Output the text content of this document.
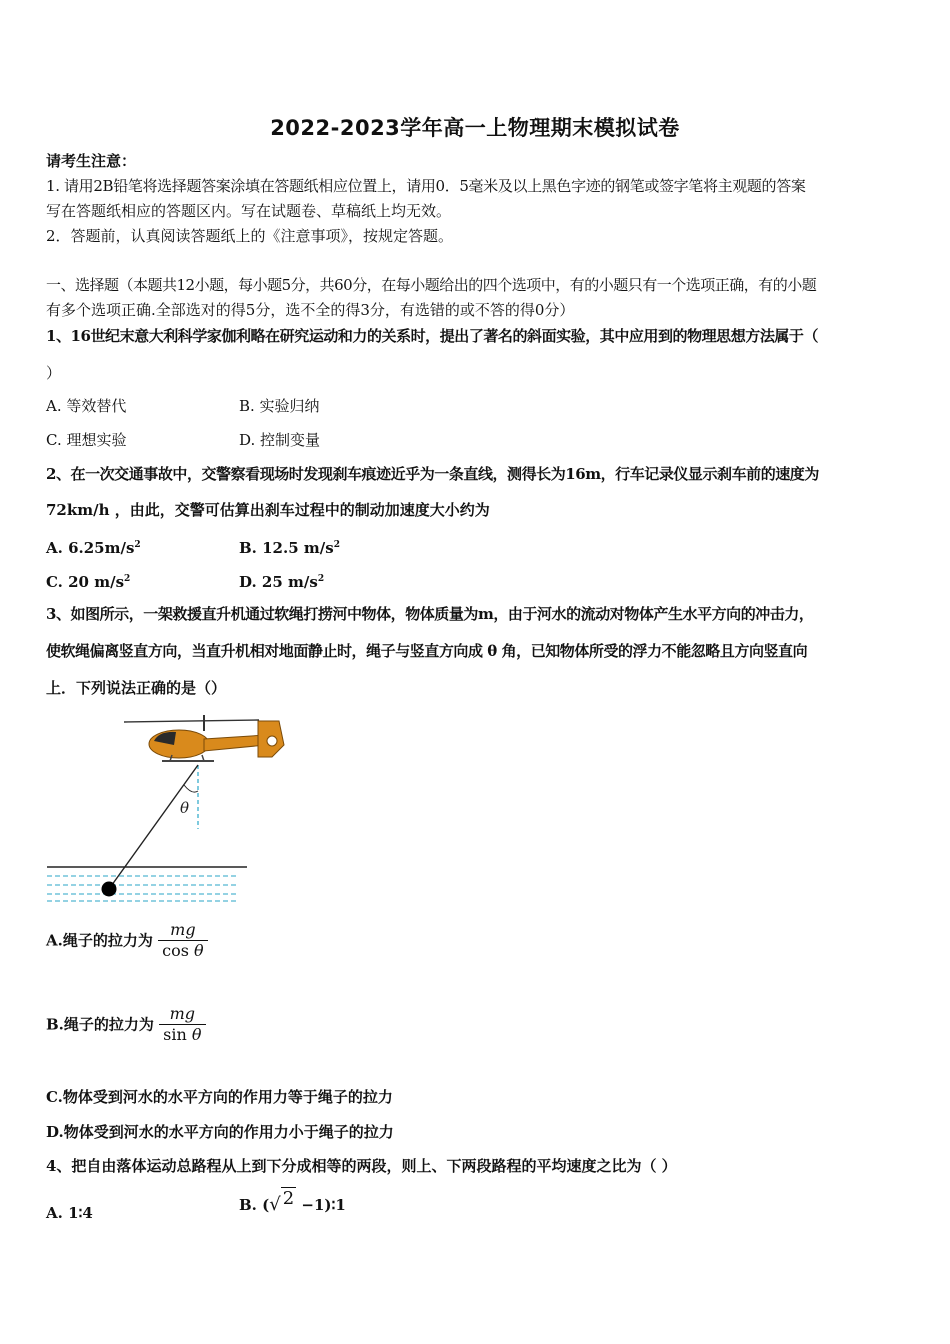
2022-2023学年高一上物理期末模拟试卷
请考生注意：
1. 请用2B铅笔将选择题答案涂填在答题纸相应位置上，请用0．5毫米及以上黑色字迹的钢笔或签字笔将主观题的答案
写在答题纸相应的答题区内。写在试题卷、草稿纸上均无效。
2．答题前，认真阅读答题纸上的《注意事项》，按规定答题。
一、选择题（本题共12小题，每小题5分，共60分，在每小题给出的四个选项中，有的小题只有一个选项正确，有的小题
有多个选项正确.全部选对的得5分，选不全的得3分，有选错的或不答的得0分）
1、16世纪末意大利科学家伽利略在研究运动和力的关系时，提出了著名的斜面实验，其中应用到的物理思想方法属于（
）
A. 等效替代	B. 实验归纳
C. 理想实验	D. 控制变量
2、在一次交通事故中，交警察看现场时发现刹车痕迹近乎为一条直线，测得长为16m，行车记录仪显示刹车前的速度为
72km/h ，由此，交警可估算出刹车过程中的制动加速度大小约为
A. $6.25m/s^2$	B. 12.5 $m/s^2$
C. 20 $m/s^2$	D. 25 $m/s^2$
3、如图所示，一架救援直升机通过软绳打捞河中物体，物体质量为m，由于河水的流动对物体产生水平方向的冲击力，
使软绳偏离竖直方向，当直升机相对地面静止时，绳子与竖直方向成 θ 角，已知物体所受的浮力不能忽略且方向竖直向
上．下列说法正确的是（）
θ
A.绳子的拉力为 $\frac{mg}{\text{cos θ}}$
B.绳子的拉力为 $\frac{mg}{\text{sin θ}}$
C.物体受到河水的水平方向的作用力等于绳子的拉力
D.物体受到河水的水平方向的作用力小于绳子的拉力
4、把自由落体运动总路程从上到下分成相等的两段，则上、下两段路程的平均速度之比为（ ）
A. 1∶4	B. (√ 2 −1)∶1
